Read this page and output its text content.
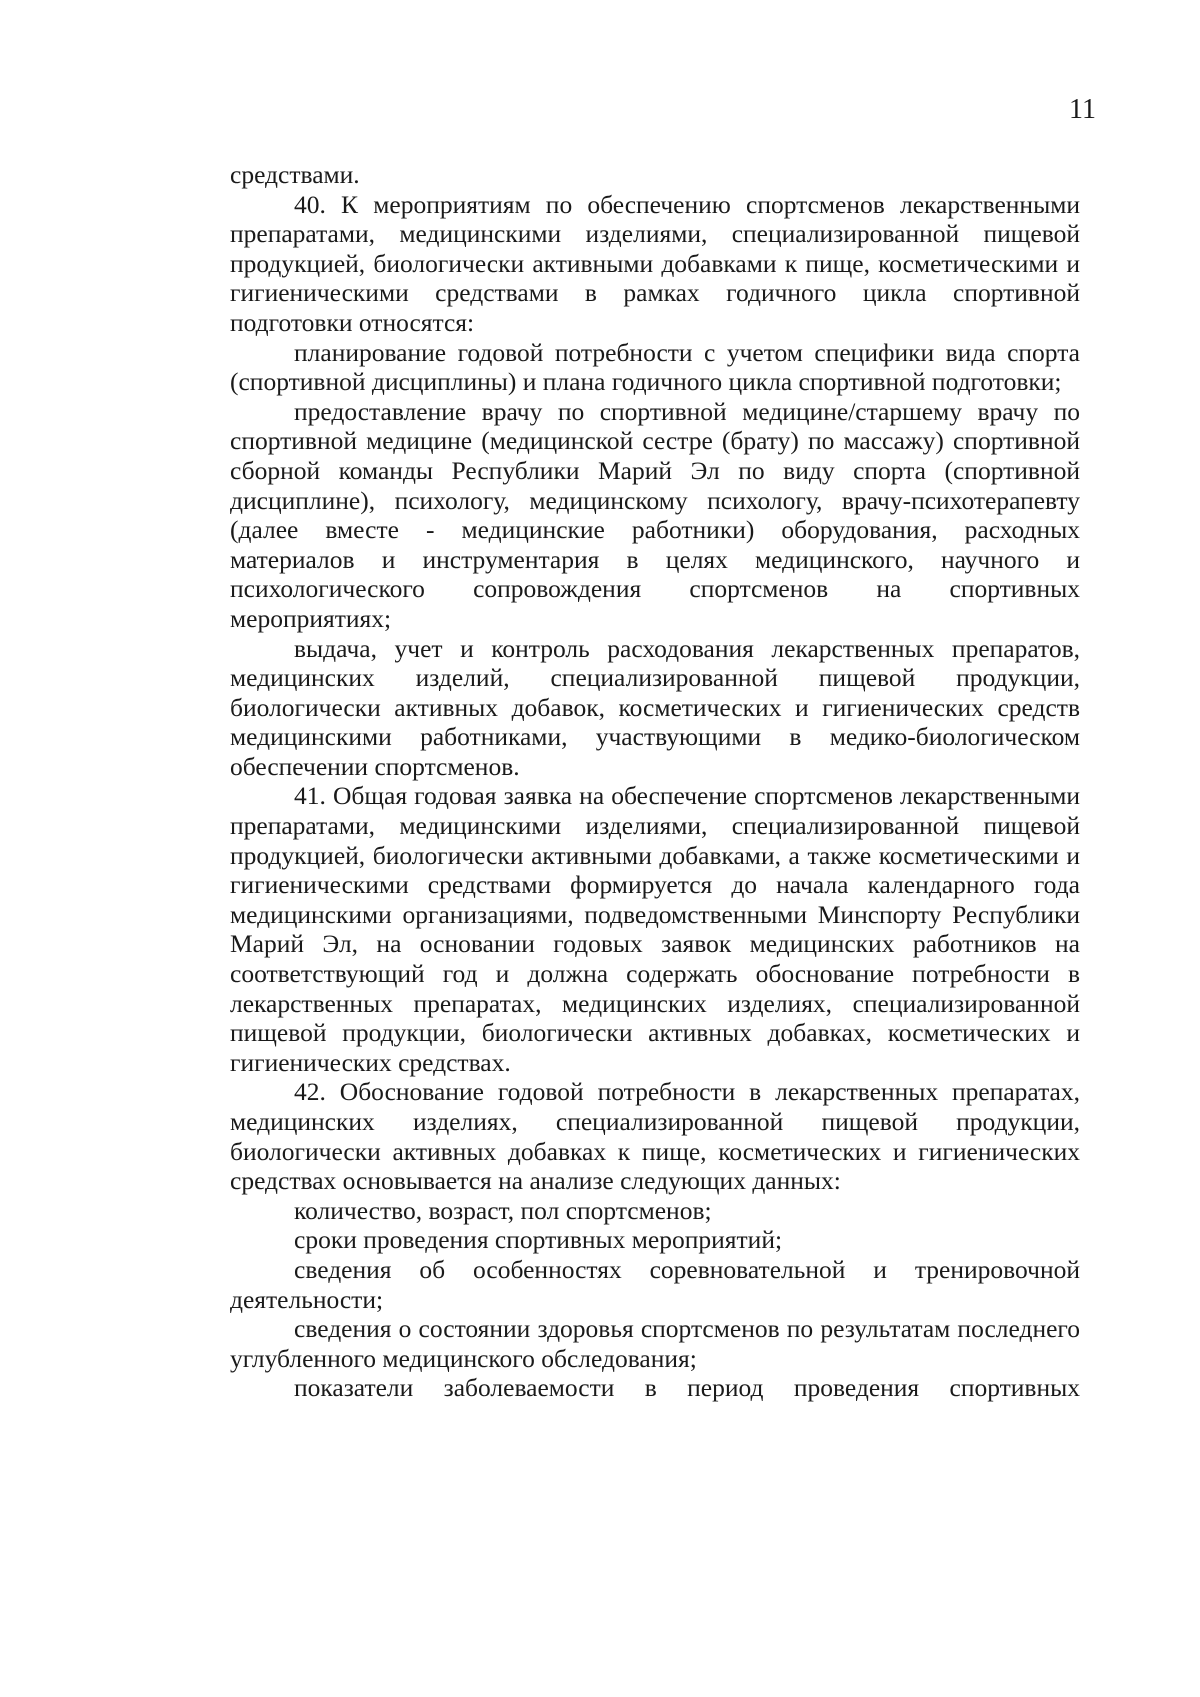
11

средствами.

40. К мероприятиям по обеспечению спортсменов лекарственными препаратами, медицинскими изделиями, специализированной пищевой продукцией, биологически активными добавками к пище, косметическими и гигиеническими средствами в рамках годичного цикла спортивной подготовки относятся:

планирование годовой потребности с учетом специфики вида спорта (спортивной дисциплины) и плана годичного цикла спортивной подготовки;

предоставление врачу по спортивной медицине/старшему врачу по спортивной медицине (медицинской сестре (брату) по массажу) спортивной сборной команды Республики Марий Эл по виду спорта (спортивной дисциплине), психологу, медицинскому психологу, врачу-психотерапевту (далее вместе - медицинские работники) оборудования, расходных материалов и инструментария в целях медицинского, научного и психологического сопровождения спортсменов на спортивных мероприятиях;

выдача, учет и контроль расходования лекарственных препаратов, медицинских изделий, специализированной пищевой продукции, биологически активных добавок, косметических и гигиенических средств медицинскими работниками, участвующими в медико-биологическом обеспечении спортсменов.

41. Общая годовая заявка на обеспечение спортсменов лекарственными препаратами, медицинскими изделиями, специализированной пищевой продукцией, биологически активными добавками, а также косметическими и гигиеническими средствами формируется до начала календарного года медицинскими организациями, подведомственными Минспорту Республики Марий Эл, на основании годовых заявок медицинских работников на соответствующий год и должна содержать обоснование потребности в лекарственных препаратах, медицинских изделиях, специализированной пищевой продукции, биологически активных добавках, косметических и гигиенических средствах.

42. Обоснование годовой потребности в лекарственных препаратах, медицинских изделиях, специализированной пищевой продукции, биологически активных добавках к пище, косметических и гигиенических средствах основывается на анализе следующих данных:

количество, возраст, пол спортсменов;

сроки проведения спортивных мероприятий;

сведения об особенностях соревновательной и тренировочной деятельности;

сведения о состоянии здоровья спортсменов по результатам последнего углубленного медицинского обследования;

показатели заболеваемости в период проведения спортивных
